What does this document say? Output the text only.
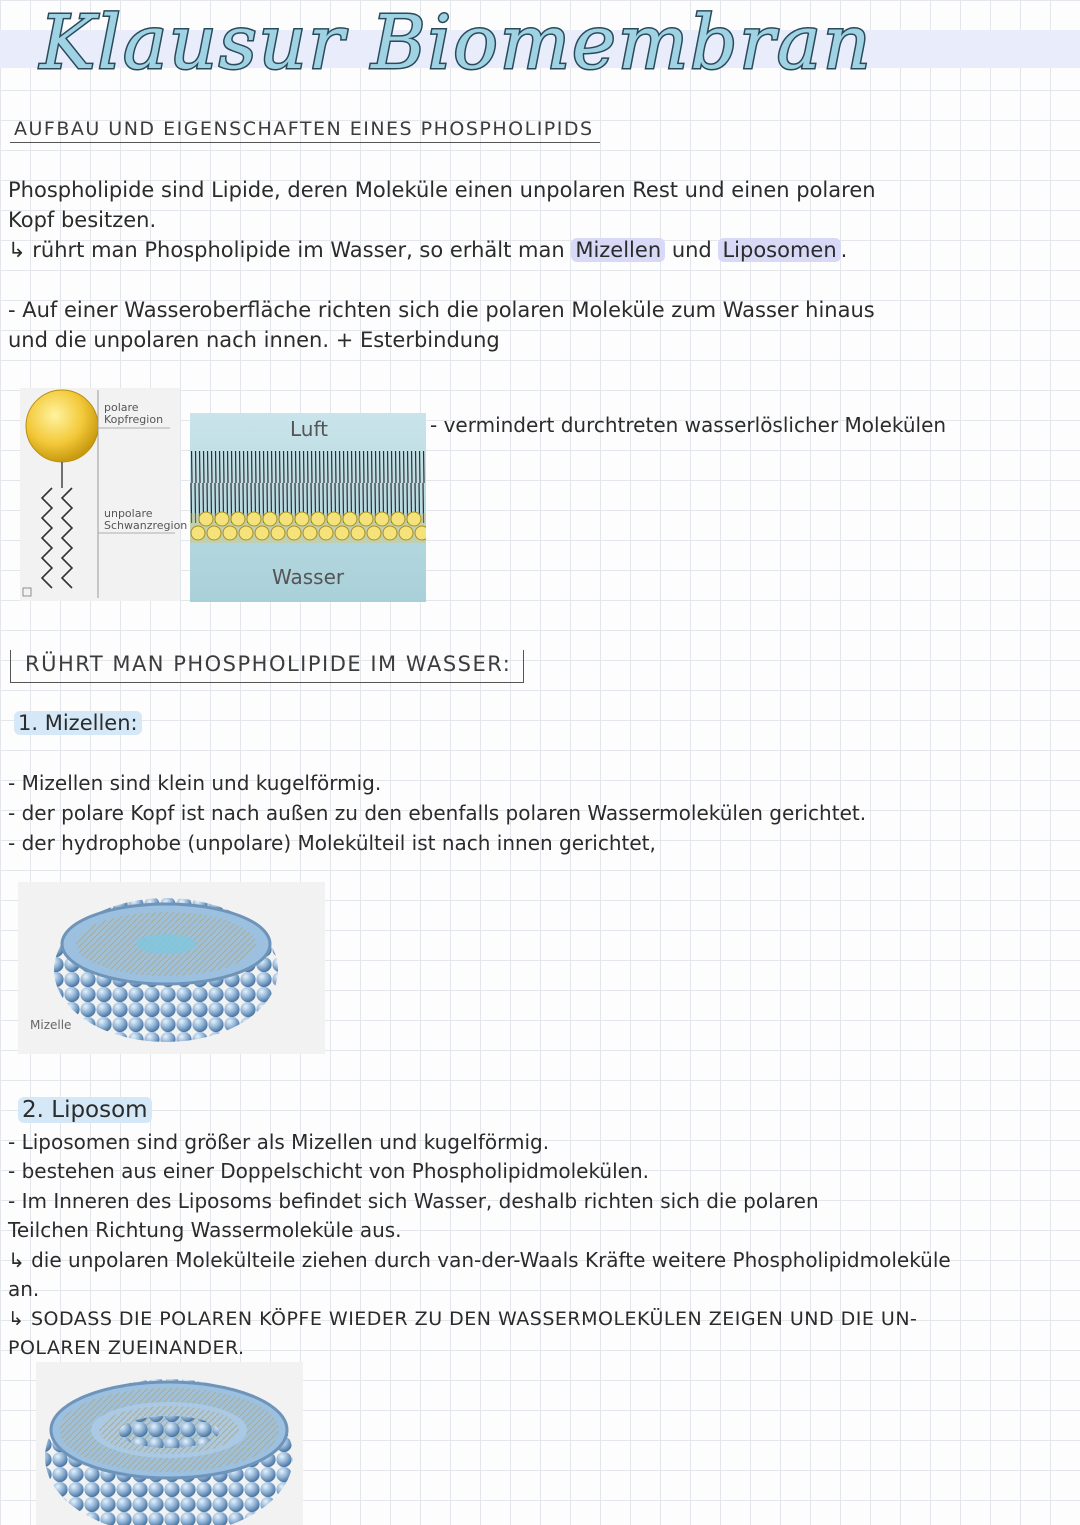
Klausur Biomembran
AUFBAU UND EIGENSCHAFTEN EINES PHOSPHOLIPIDS
Phospholipide sind Lipide, deren Moleküle einen unpolaren Rest und einen polaren
Kopf besitzen.
↳ rührt man Phospholipide im Wasser, so erhält man Mizellen und Liposomen .
- Auf einer Wasseroberfläche richten sich die polaren Moleküle zum Wasser hinaus
und die unpolaren nach innen. + Esterbindung
polare Kopfregion
unpolare Schwanzregion
Luft
Wasser
- vermindert durchtreten wasserlöslicher Molekülen
RÜHRT MAN PHOSPHOLIPIDE IM WASSER:
1. Mizellen:
- Mizellen sind klein und kugelförmig.
- der polare Kopf ist nach außen zu den ebenfalls polaren Wassermolekülen gerichtet.
- der hydrophobe (unpolare) Molekülteil ist nach innen gerichtet,
Mizelle
2. Liposom
- Liposomen sind größer als Mizellen und kugelförmig.
- bestehen aus einer Doppelschicht von Phospholipidmolekülen.
- Im Inneren des Liposoms befindet sich Wasser, deshalb richten sich die polaren
Teilchen Richtung Wassermoleküle aus.
↳ die unpolaren Molekülteile ziehen durch van-der-Waals Kräfte weitere Phospholipidmoleküle
an.
↳ SODASS DIE POLAREN KÖPFE WIEDER ZU DEN WASSERMOLEKÜLEN ZEIGEN UND DIE UN-
POLAREN ZUEINANDER.
